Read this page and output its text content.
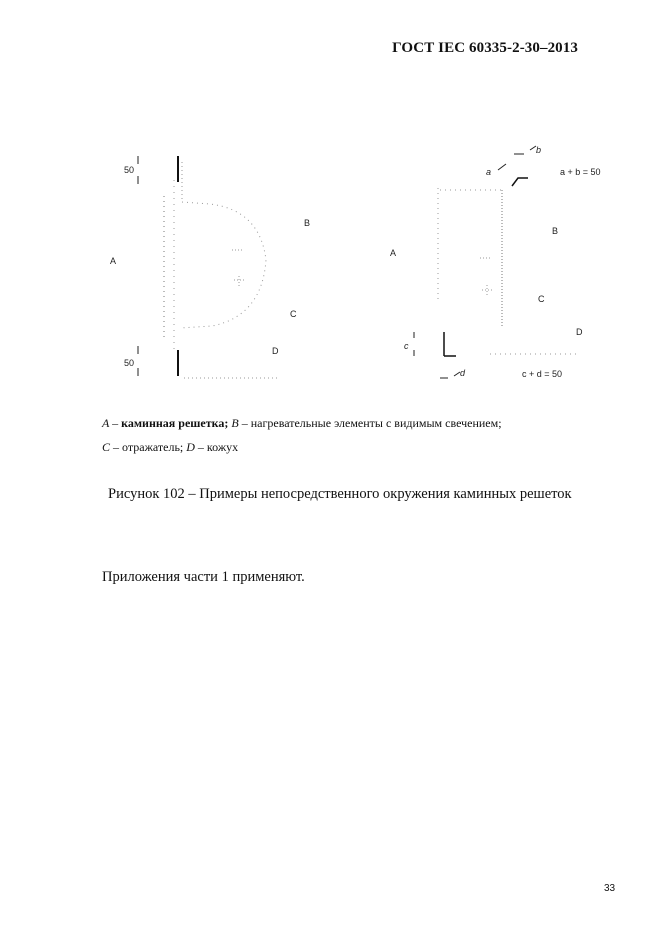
ГОСТ IEC 60335-2-30–2013
50
50
A
B
C
D
A
B
C
D
a
b
c
d
a + b = 50
c + d = 50
A – каминная решетка; B – нагревательные элементы с видимым свечением;
C – отражатель; D – кожух
Рисунок 102 – Примеры непосредственного окружения каминных решеток
Приложения части 1 применяют.
33
